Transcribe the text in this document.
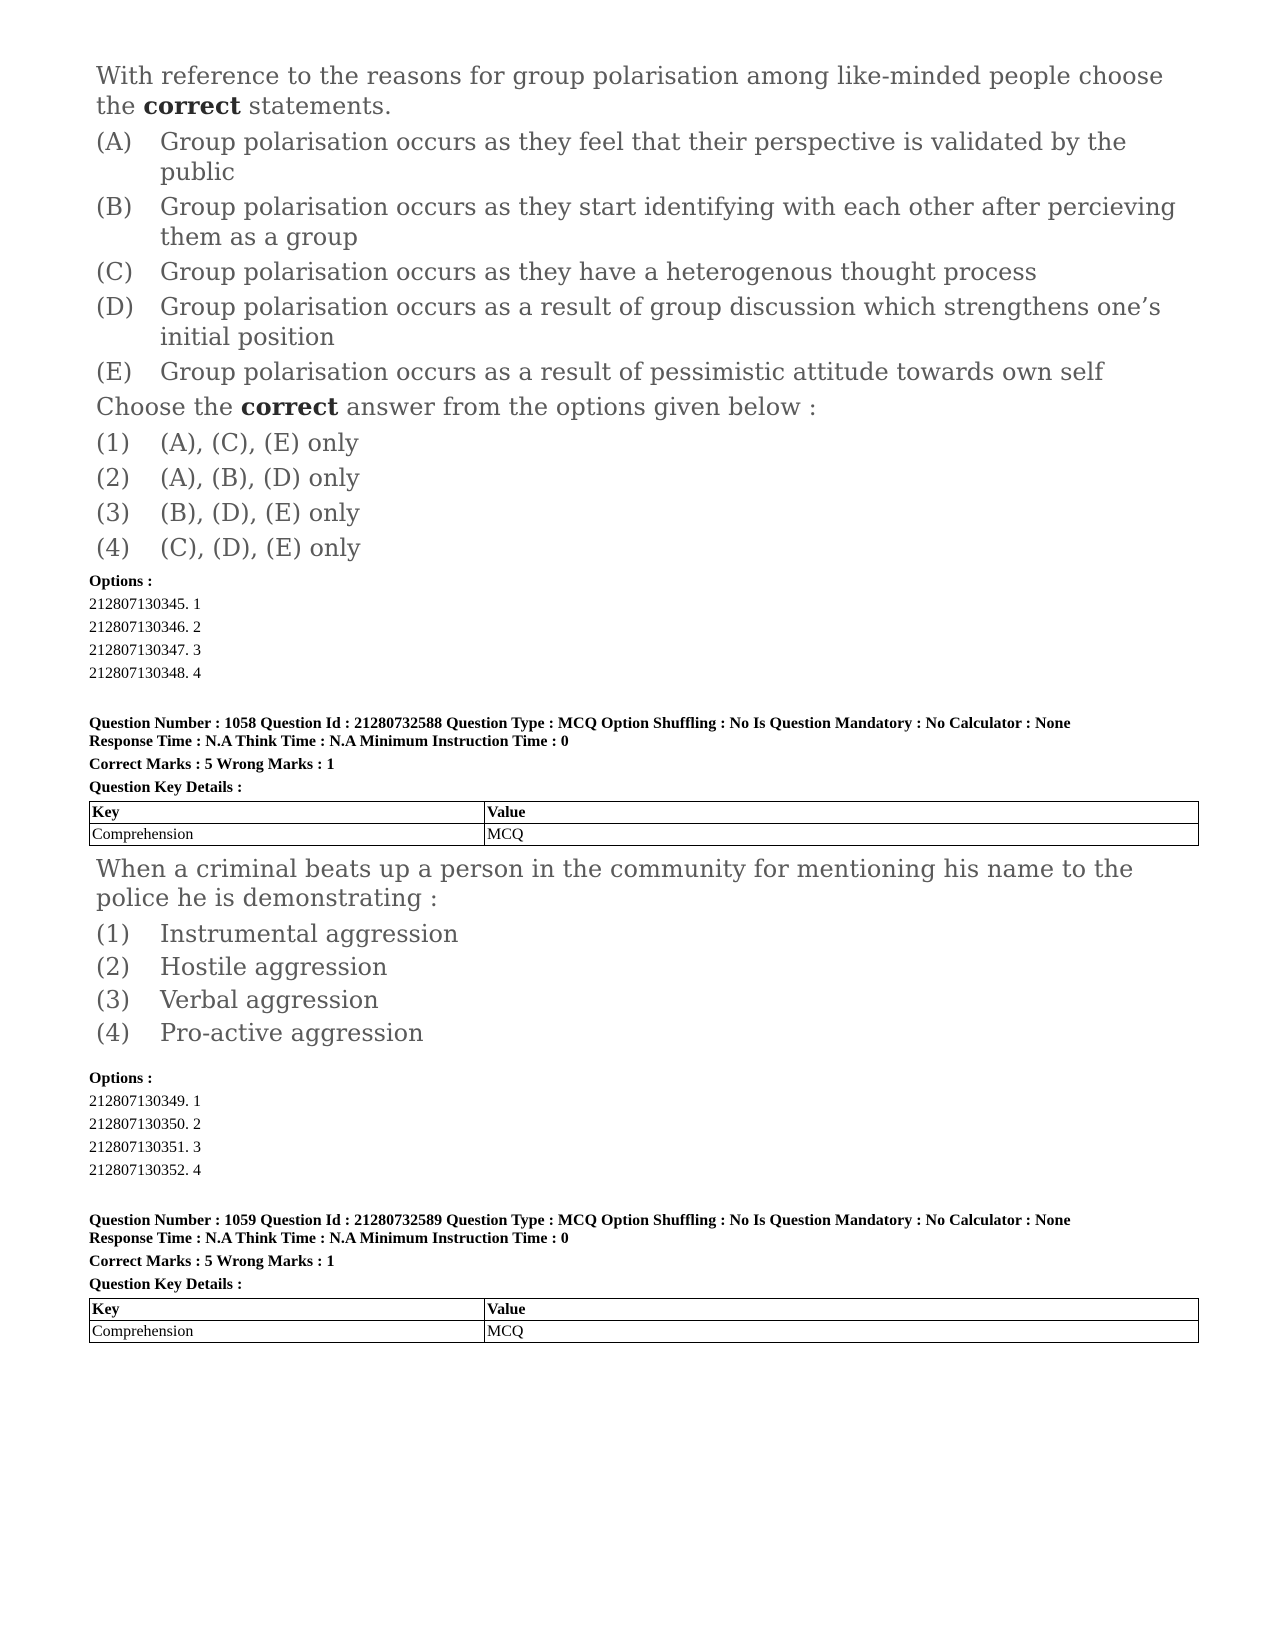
With reference to the reasons for group polarisation among like-minded people choose the correct statements.
(A) Group polarisation occurs as they feel that their perspective is validated by the public
(B) Group polarisation occurs as they start identifying with each other after percieving them as a group
(C) Group polarisation occurs as they have a heterogenous thought process
(D) Group polarisation occurs as a result of group discussion which strengthens one’s initial position
(E) Group polarisation occurs as a result of pessimistic attitude towards own self
Choose the correct answer from the options given below :
(1) (A), (C), (E) only
(2) (A), (B), (D) only
(3) (B), (D), (E) only
(4) (C), (D), (E) only
Options :
212807130345. 1
212807130346. 2
212807130347. 3
212807130348. 4
Question Number : 1058 Question Id : 21280732588 Question Type : MCQ Option Shuffling : No Is Question Mandatory : No Calculator : None
Response Time : N.A Think Time : N.A Minimum Instruction Time : 0
Correct Marks : 5 Wrong Marks : 1
Question Key Details :
Key	Value
Comprehension	MCQ
When a criminal beats up a person in the community for mentioning his name to the police he is demonstrating :
(1) Instrumental aggression
(2) Hostile aggression
(3) Verbal aggression
(4) Pro-active aggression
Options :
212807130349. 1
212807130350. 2
212807130351. 3
212807130352. 4
Question Number : 1059 Question Id : 21280732589 Question Type : MCQ Option Shuffling : No Is Question Mandatory : No Calculator : None
Response Time : N.A Think Time : N.A Minimum Instruction Time : 0
Correct Marks : 5 Wrong Marks : 1
Question Key Details :
Key	Value
Comprehension	MCQ
